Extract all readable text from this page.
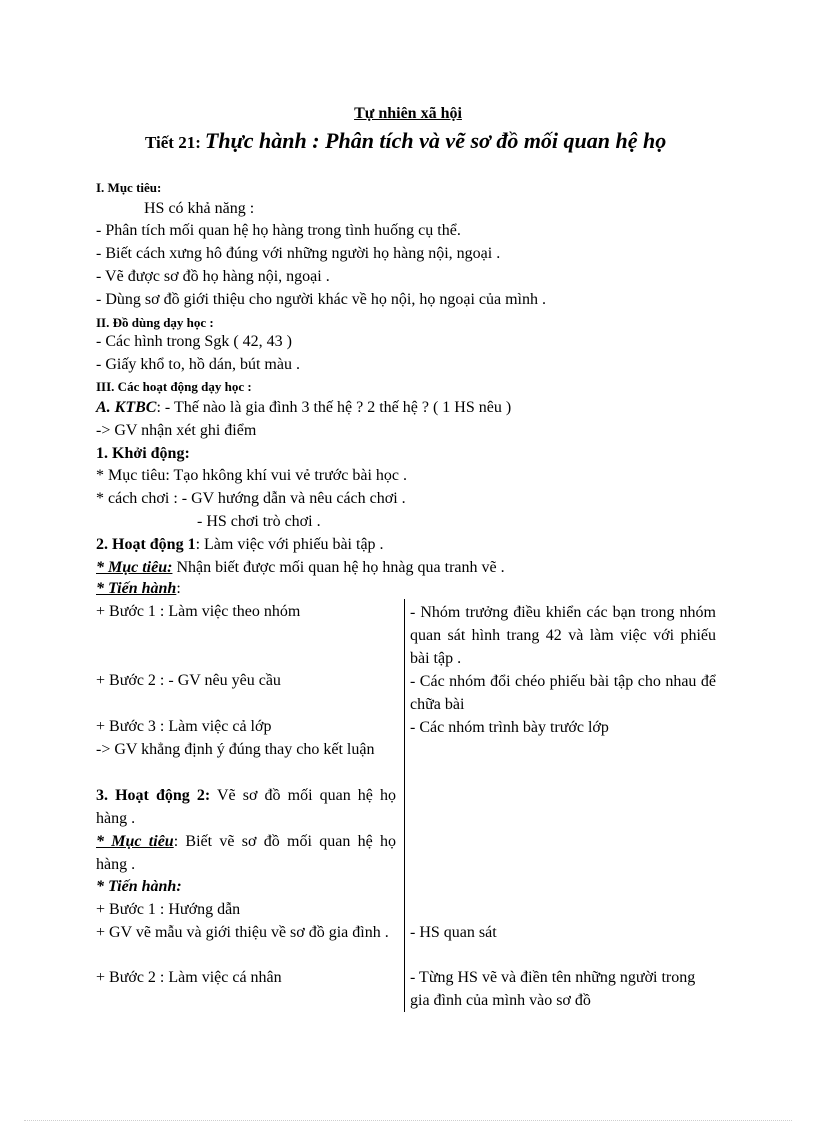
Tự nhiên xã hội
Tiết 21: Thực hành : Phân tích và vẽ sơ đồ mối quan hệ họ
I. Mục tiêu:
HS có khả năng :
- Phân tích mối quan hệ họ hàng trong tình huống cụ thể.
- Biết cách xưng hô đúng với những người họ hàng nội, ngoại .
- Vẽ được sơ đồ họ hàng nội, ngoại .
- Dùng sơ đồ giới thiệu cho người khác về họ nội, họ ngoại của mình .
II. Đồ dùng dạy học :
- Các hình trong Sgk ( 42, 43 )
- Giấy khổ to, hồ dán, bút màu .
III. Các hoạt động dạy học :
A. KTBC: - Thế nào là gia đình 3 thế hệ ? 2 thế hệ ? ( 1 HS nêu )
-> GV nhận xét ghi điểm
1. Khởi động:
* Mục tiêu: Tạo hkông khí vui vẻ trước bài học .
* cách chơi : - GV hướng dẫn và nêu cách chơi .
- HS chơi trò chơi .
2. Hoạt động 1: Làm việc với phiếu bài tập .
* Mục tiêu: Nhận biết được mối quan hệ họ hnàg qua tranh vẽ .
* Tiến hành:
+ Bước 1 : Làm việc theo nhóm	- Nhóm trưởng điều khiển các bạn trong nhóm quan sát hình trang 42 và làm việc với phiếu bài tập .
+ Bước 2 : - GV nêu yêu cầu	- Các nhóm đổi chéo phiếu bài tập cho nhau để chữa bài
+ Bước 3 : Làm việc cả lớp	- Các nhóm trình bày trước lớp
-> GV khẳng định ý đúng thay cho kết luận
3. Hoạt động 2: Vẽ sơ đồ mối quan hệ họ hàng .
* Mục tiêu: Biết vẽ sơ đồ mối quan hệ họ hàng .
* Tiến hành:
+ Bước 1 : Hướng dẫn
+ GV vẽ mẫu và giới thiệu về sơ đồ gia đình .	- HS quan sát
+ Bước 2 : Làm việc cá nhân	- Từng HS vẽ và điền tên những người trong gia đình của mình vào sơ đồ
